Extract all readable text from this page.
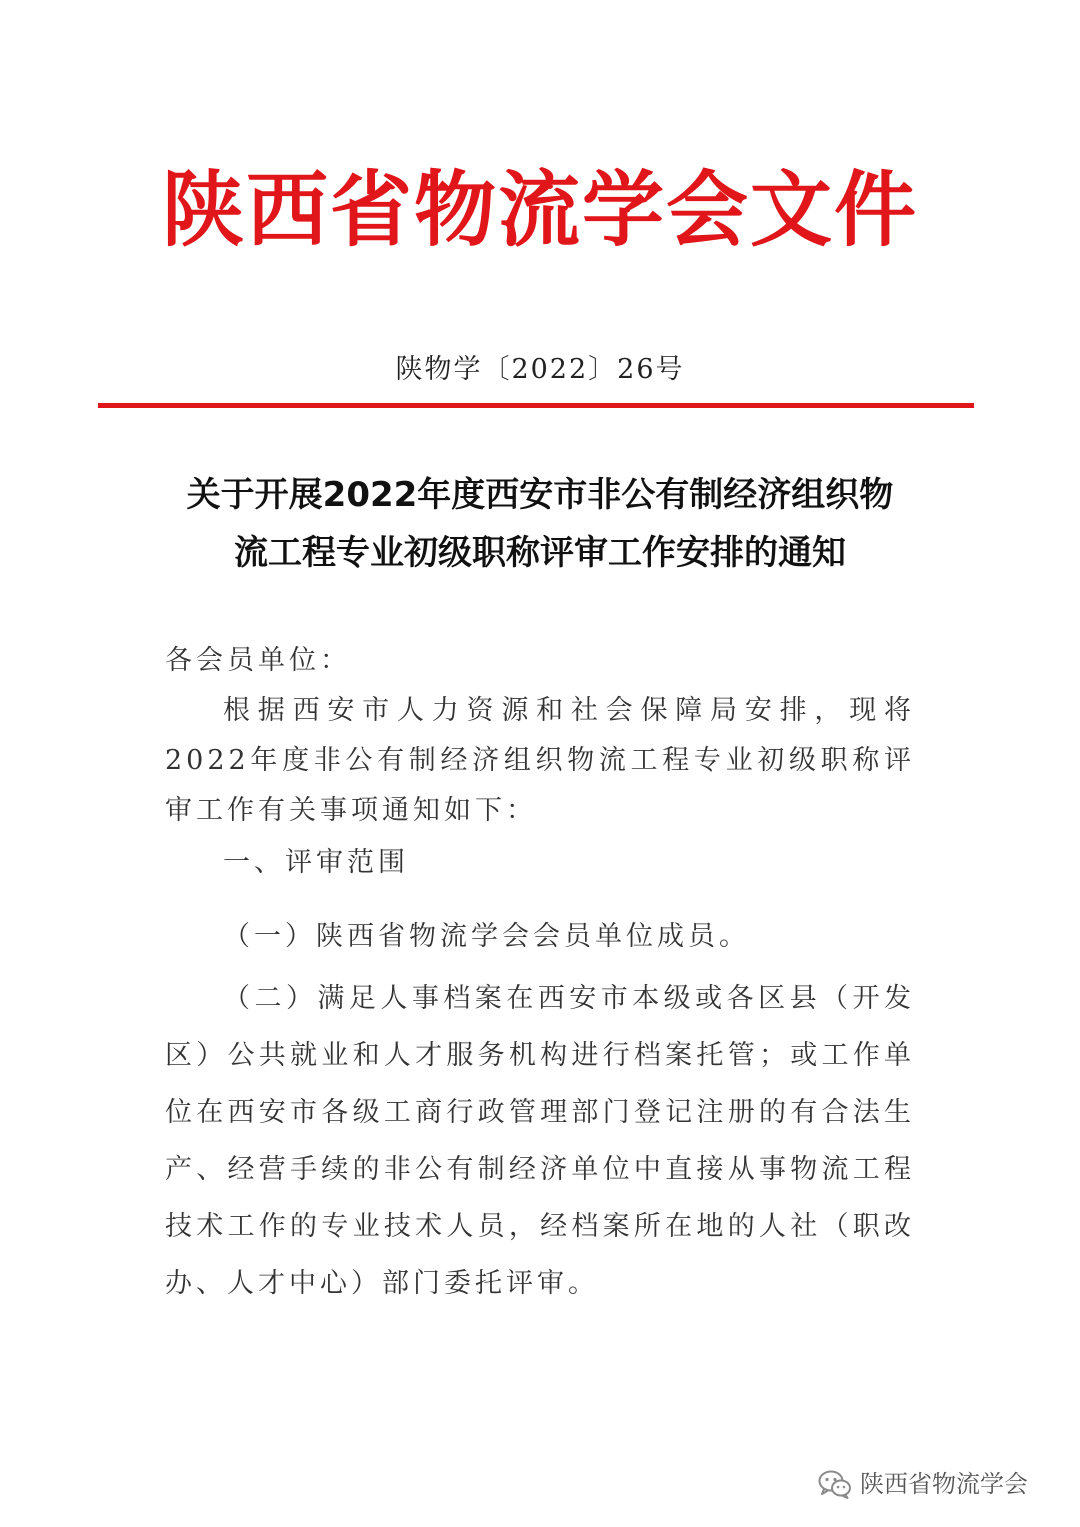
陕西省物流学会文件
陕物学〔2022〕26号
关于开展2022年度西安市非公有制经济组织物
流工程专业初级职称评审工作安排的通知
各会员单位：
根据西安市人力资源和社会保障局安排，现将2022年度非公有制经济组织物流工程专业初级职称评审工作有关事项通知如下：
一、评审范围
（一）陕西省物流学会会员单位成员。
（二）满足人事档案在西安市本级或各区县（开发区）公共就业和人才服务机构进行档案托管；或工作单位在西安市各级工商行政管理部门登记注册的有合法生产、经营手续的非公有制经济单位中直接从事物流工程技术工作的专业技术人员，经档案所在地的人社（职改办、人才中心）部门委托评审。
陕西省物流学会
